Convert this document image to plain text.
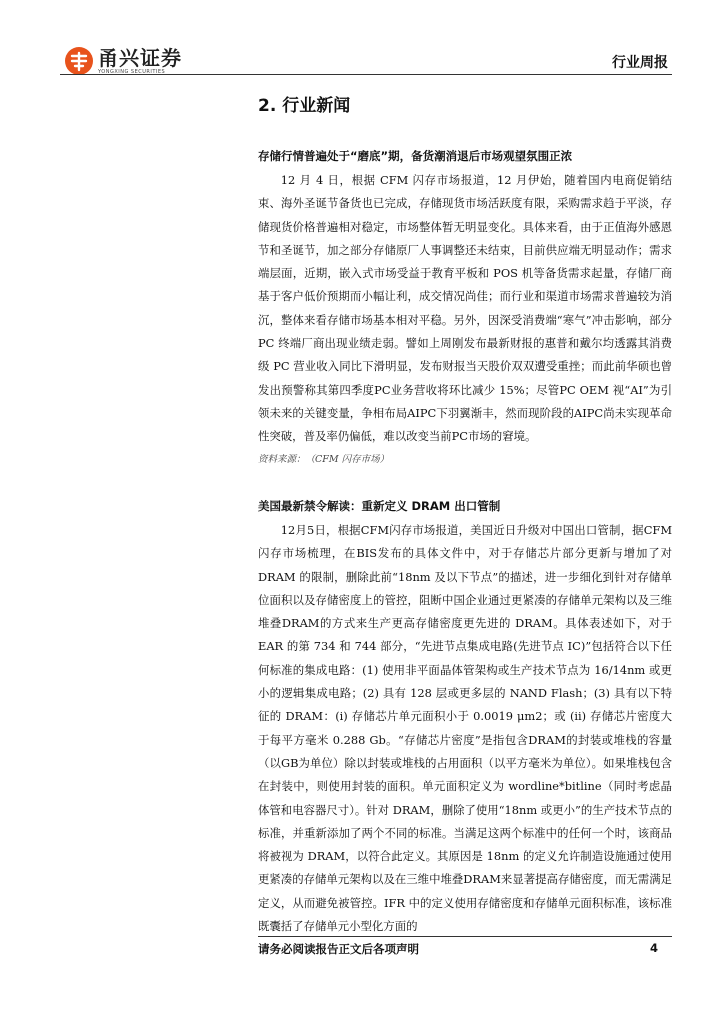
甬兴证券
YONGXING SECURITIES
行业周报
2. 行业新闻
存储行情普遍处于“磨底”期，备货潮消退后市场观望氛围正浓

12 月 4 日，根据 CFM 闪存市场报道，12 月伊始，随着国内电商促销结束、海外圣诞节备货也已完成，存储现货市场活跃度有限，采购需求趋于平淡，存储现货价格普遍相对稳定，市场整体暂无明显变化。具体来看，由于正值海外感恩节和圣诞节，加之部分存储原厂人事调整还未结束，目前供应端无明显动作；需求端层面，近期，嵌入式市场受益于教育平板和 POS 机等备货需求起量，存储厂商基于客户低价预期而小幅让利，成交情况尚佳；而行业和渠道市场需求普遍较为消沉，整体来看存储市场基本相对平稳。另外，因深受消费端“寒气”冲击影响，部分 PC 终端厂商出现业绩走弱。譬如上周刚发布最新财报的惠普和戴尔均透露其消费级 PC 营业收入同比下滑明显，发布财报当天股价双双遭受重挫；而此前华硕也曾发出预警称其第四季度PC业务营收将环比减少 15%；尽管PC OEM 视“AI”为引领未来的关键变量，争相布局AIPC下羽翼渐丰，然而现阶段的AIPC尚未实现革命性突破，普及率仍偏低，难以改变当前PC市场的窘境。

资料来源：（CFM 闪存市场）
美国最新禁令解读：重新定义 DRAM 出口管制

12月5日，根据CFM闪存市场报道，美国近日升级对中国出口管制，据CFM闪存市场梳理，在BIS发布的具体文件中，对于存储芯片部分更新与增加了对 DRAM 的限制，删除此前“18nm 及以下节点”的描述，进一步细化到针对存储单位面积以及存储密度上的管控，阻断中国企业通过更紧凑的存储单元架构以及三维堆叠DRAM的方式来生产更高存储密度更先进的 DRAM。具体表述如下，对于 EAR 的第 734 和 744 部分，“先进节点集成电路(先进节点 IC)”包括符合以下任何标准的集成电路：(1) 使用非平面晶体管架构或生产技术节点为 16/14nm 或更小的逻辑集成电路；(2) 具有 128 层或更多层的 NAND Flash；(3) 具有以下特征的 DRAM：(i) 存储芯片单元面积小于 0.0019 μm2；或 (ii) 存储芯片密度大于每平方毫米 0.288 Gb。“存储芯片密度”是指包含DRAM的封装或堆栈的容量（以GB为单位）除以封装或堆栈的占用面积（以平方毫米为单位）。如果堆栈包含在封装中，则使用封装的面积。单元面积定义为 wordline*bitline（同时考虑晶体管和电容器尺寸）。针对 DRAM，删除了使用“18nm 或更小”的生产技术节点的标准，并重新添加了两个不同的标准。当满足这两个标准中的任何一个时，该商品将被视为 DRAM，以符合此定义。其原因是 18nm 的定义允许制造设施通过使用更紧凑的存储单元架构以及在三维中堆叠DRAM来显著提高存储密度，而无需满足定义，从而避免被管控。IFR 中的定义使用存储密度和存储单元面积标准，该标准既囊括了存储单元小型化方面的

请务必阅读报告正文后各项声明	4
